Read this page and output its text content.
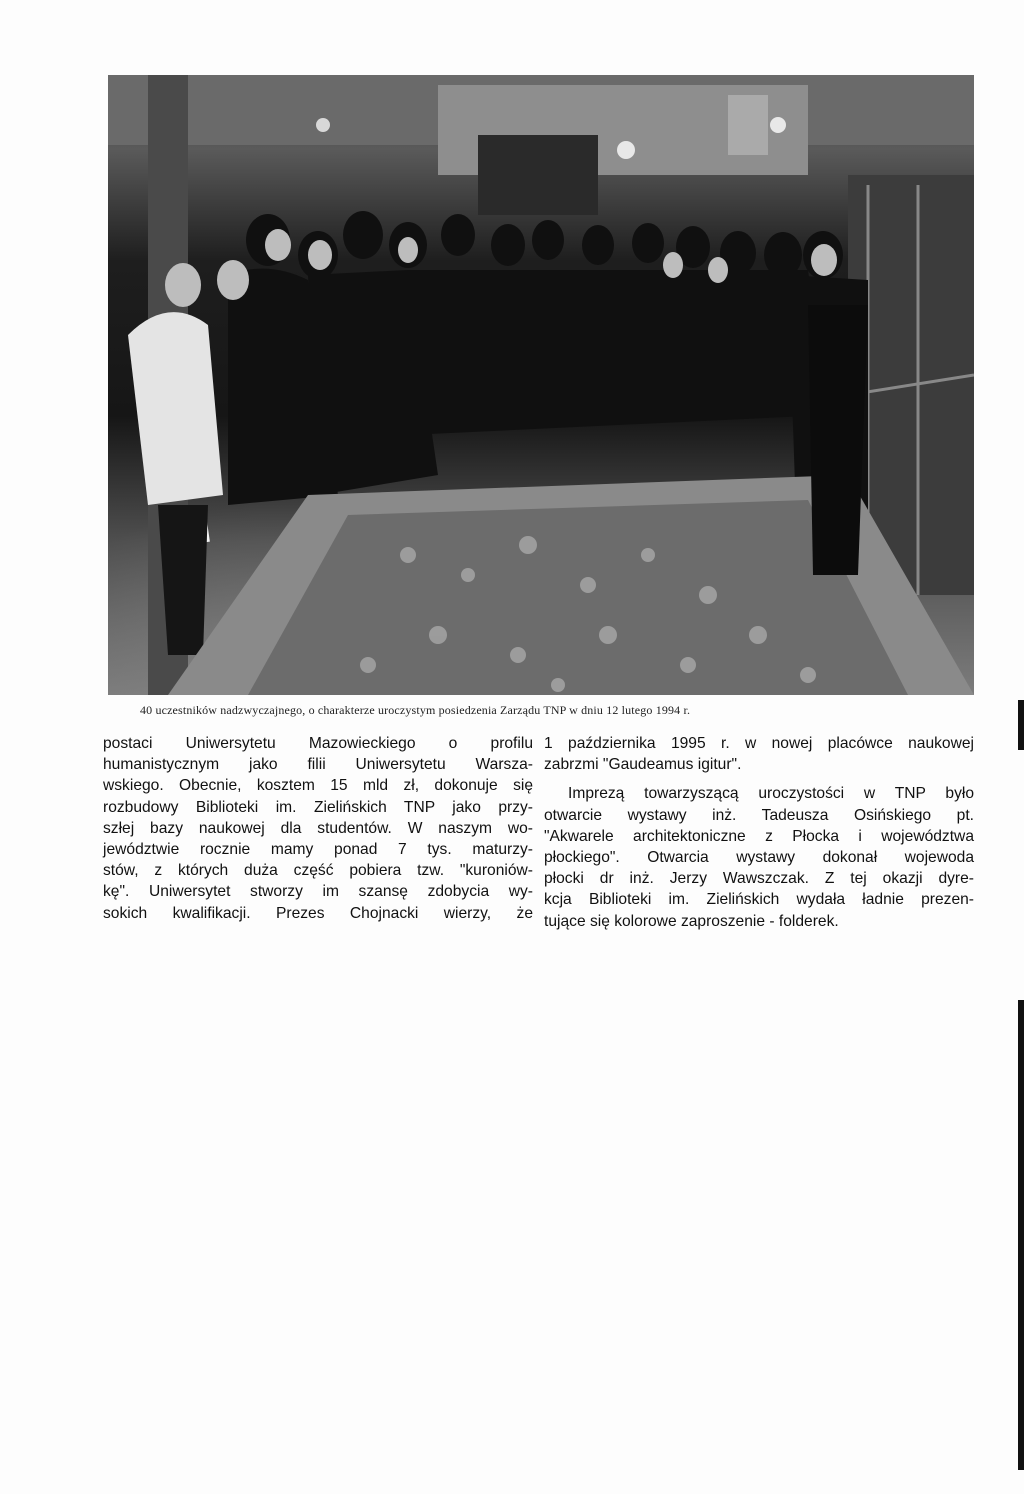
40 uczestników nadzwyczajnego, o charakterze uroczystym posiedzenia Zarządu TNP w dniu 12 lutego 1994 r.
postaci Uniwersytetu Mazowieckiego o profilu
humanistycznym jako filii Uniwersytetu Warsza-
wskiego. Obecnie, kosztem 15 mld zł, dokonuje się
rozbudowy Biblioteki im. Zielińskich TNP jako przy-
szłej bazy naukowej dla studentów. W naszym wo-
jewództwie rocznie mamy ponad 7 tys. maturzy-
stów, z których duża część pobiera tzw. "kuroniów-
kę". Uniwersytet stworzy im szansę zdobycia wy-
sokich kwalifikacji. Prezes Chojnacki wierzy, że

1 października 1995 r. w nowej placówce naukowej
zabrzmi "Gaudeamus igitur".

Imprezą towarzyszącą uroczystości w TNP było
otwarcie wystawy inż. Tadeusza Osińskiego pt.
"Akwarele architektoniczne z Płocka i województwa
płockiego". Otwarcia wystawy dokonał wojewoda
płocki dr inż. Jerzy Wawszczak. Z tej okazji dyre-
kcja Biblioteki im. Zielińskich wydała ładnie prezen-
tujące się kolorowe zaproszenie - folderek.
